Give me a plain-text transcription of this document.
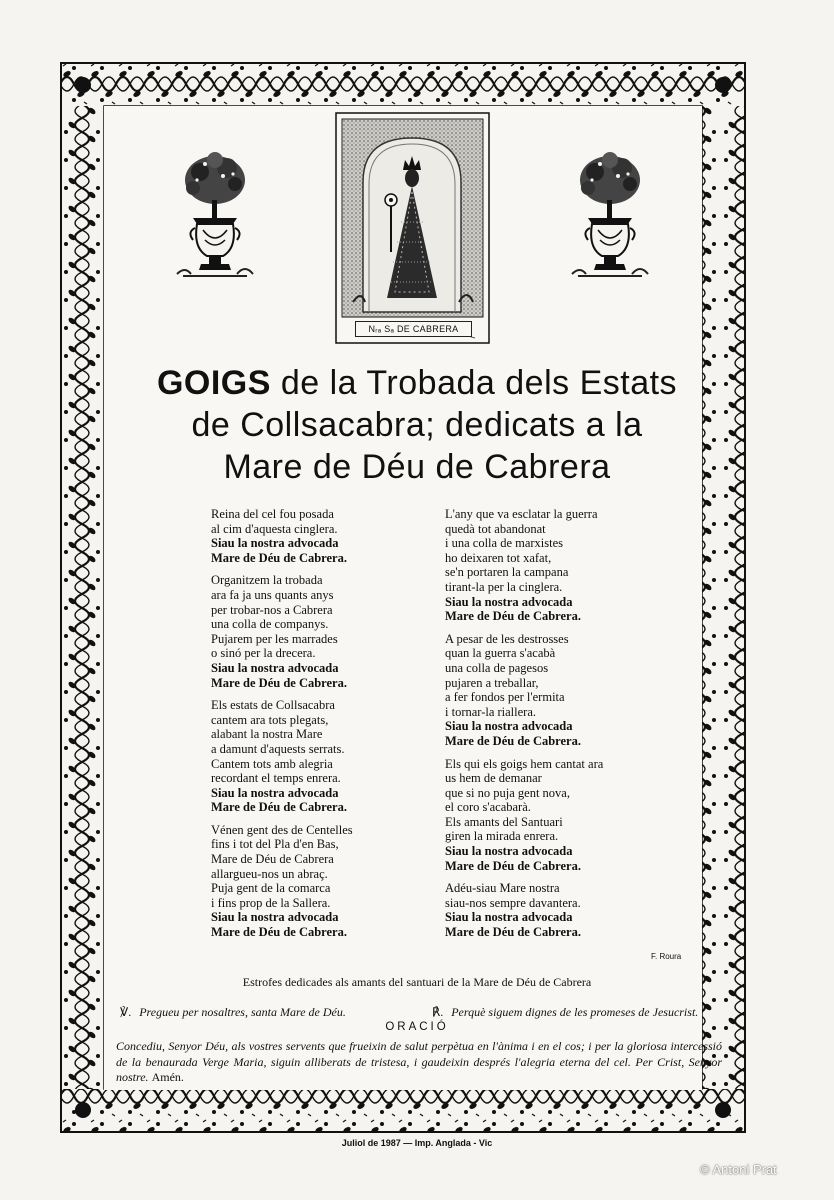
Nᵣₐ Sₐ DE CABRERA
GOIGS de la Trobada dels Estats
de Collsacabra; dedicats a la
Mare de Déu de Cabrera
Reina del cel fou posada
al cim d'aquesta cinglera.
Siau la nostra advocada
Mare de Déu de Cabrera.
Organitzem la trobada
ara fa ja uns quants anys
per trobar-nos a Cabrera
una colla de companys.
Pujarem per les marrades
o sinó per la drecera.
Siau la nostra advocada
Mare de Déu de Cabrera.
Els estats de Collsacabra
cantem ara tots plegats,
alabant la nostra Mare
a damunt d'aquests serrats.
Cantem tots amb alegria
recordant el temps enrera.
Siau la nostra advocada
Mare de Déu de Cabrera.
Vénen gent des de Centelles
fins i tot del Pla d'en Bas,
Mare de Déu de Cabrera
allargueu-nos un abraç.
Puja gent de la comarca
i fins prop de la Sallera.
Siau la nostra advocada
Mare de Déu de Cabrera.
L'any que va esclatar la guerra
quedà tot abandonat
i una colla de marxistes
ho deixaren tot xafat,
se'n portaren la campana
tirant-la per la cinglera.
Siau la nostra advocada
Mare de Déu de Cabrera.
A pesar de les destrosses
quan la guerra s'acabà
una colla de pagesos
pujaren a treballar,
a fer fondos per l'ermita
i tornar-la riallera.
Siau la nostra advocada
Mare de Déu de Cabrera.
Els qui els goigs hem cantat ara
us hem de demanar
que si no puja gent nova,
el coro s'acabarà.
Els amants del Santuari
giren la mirada enrera.
Siau la nostra advocada
Mare de Déu de Cabrera.
Adéu-siau Mare nostra
siau-nos sempre davantera.
Siau la nostra advocada
Mare de Déu de Cabrera.
F. Roura
Estrofes dedicades als amants del santuari de la Mare de Déu de Cabrera
℣. Pregueu per nosaltres, santa Mare de Déu.	℟. Perquè siguem dignes de les promeses de Jesucrist.
ORACIÓ
Concediu, Senyor Déu, als vostres servents que frueixin de salut perpètua en l'ànima i en el cos; i per la gloriosa intercessió de la benaurada Verge Maria, siguin alliberats de tristesa, i gaudeixin després l'alegria eterna del cel. Per Crist, Senyor nostre. Amén.
Juliol de 1987 — Imp. Anglada - Vic
© Antoni Prat
